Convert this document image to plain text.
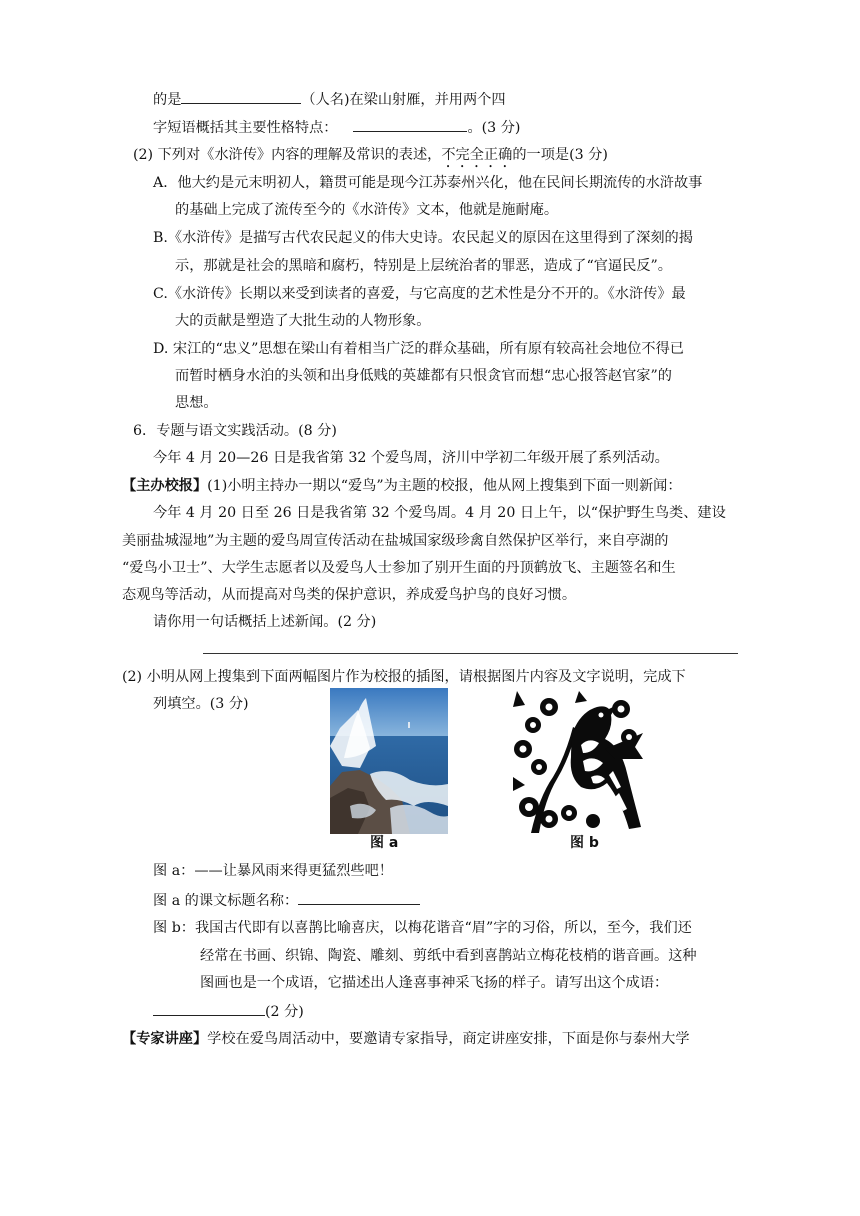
的是	（人名)在梁山射雁，并用两个四
字短语概括其主要性格特点：	。(3 分)
(2) 下列对《水浒传》内容的理解及常识的表述，不完全正确的一项是(3 分)
A．他大约是元末明初人，籍贯可能是现今江苏泰州兴化，他在民间长期流传的水浒故事
的基础上完成了流传至今的《水浒传》文本，他就是施耐庵。
B.《水浒传》是描写古代农民起义的伟大史诗。农民起义的原因在这里得到了深刻的揭
示，那就是社会的黑暗和腐朽，特别是上层统治者的罪恶，造成了“官逼民反”。
C.《水浒传》长期以来受到读者的喜爱，与它高度的艺术性是分不开的。《水浒传》最
大的贡献是塑造了大批生动的人物形象。
D. 宋江的“忠义”思想在梁山有着相当广泛的群众基础，所有原有较高社会地位不得已
而暂时栖身水泊的头领和出身低贱的英雄都有只恨贪官而想“忠心报答赵官家”的
思想。
6．专题与语文实践活动。(8 分)
今年 4 月 20—26 日是我省第 32 个爱鸟周，济川中学初二年级开展了系列活动。
【主办校报】(1)小明主持办一期以“爱鸟”为主题的校报，他从网上搜集到下面一则新闻：
今年 4 月 20 日至 26 日是我省第 32 个爱鸟周。4 月 20 日上午，以“保护野生鸟类、建设
美丽盐城湿地”为主题的爱鸟周宣传活动在盐城国家级珍禽自然保护区举行，来自亭湖的
“爱鸟小卫士”、大学生志愿者以及爱鸟人士参加了别开生面的丹顶鹤放飞、主题签名和生
态观鸟等活动，从而提高对鸟类的保护意识，养成爱鸟护鸟的良好习惯。
请你用一句话概括上述新闻。(2 分)
(2) 小明从网上搜集到下面两幅图片作为校报的插图，请根据图片内容及文字说明，完成下
列填空。(3 分)
图 a	图 b
图 a：——让暴风雨来得更猛烈些吧！
图 a 的课文标题名称：
图 b：我国古代即有以喜鹊比喻喜庆，以梅花谐音“眉”字的习俗，所以，至今，我们还
经常在书画、织锦、陶瓷、雕刻、剪纸中看到喜鹊站立梅花枝梢的谐音画。这种
图画也是一个成语，它描述出人逢喜事神采飞扬的样子。请写出这个成语：
(2 分)
【专家讲座】学校在爱鸟周活动中，要邀请专家指导，商定讲座安排，下面是你与泰州大学
